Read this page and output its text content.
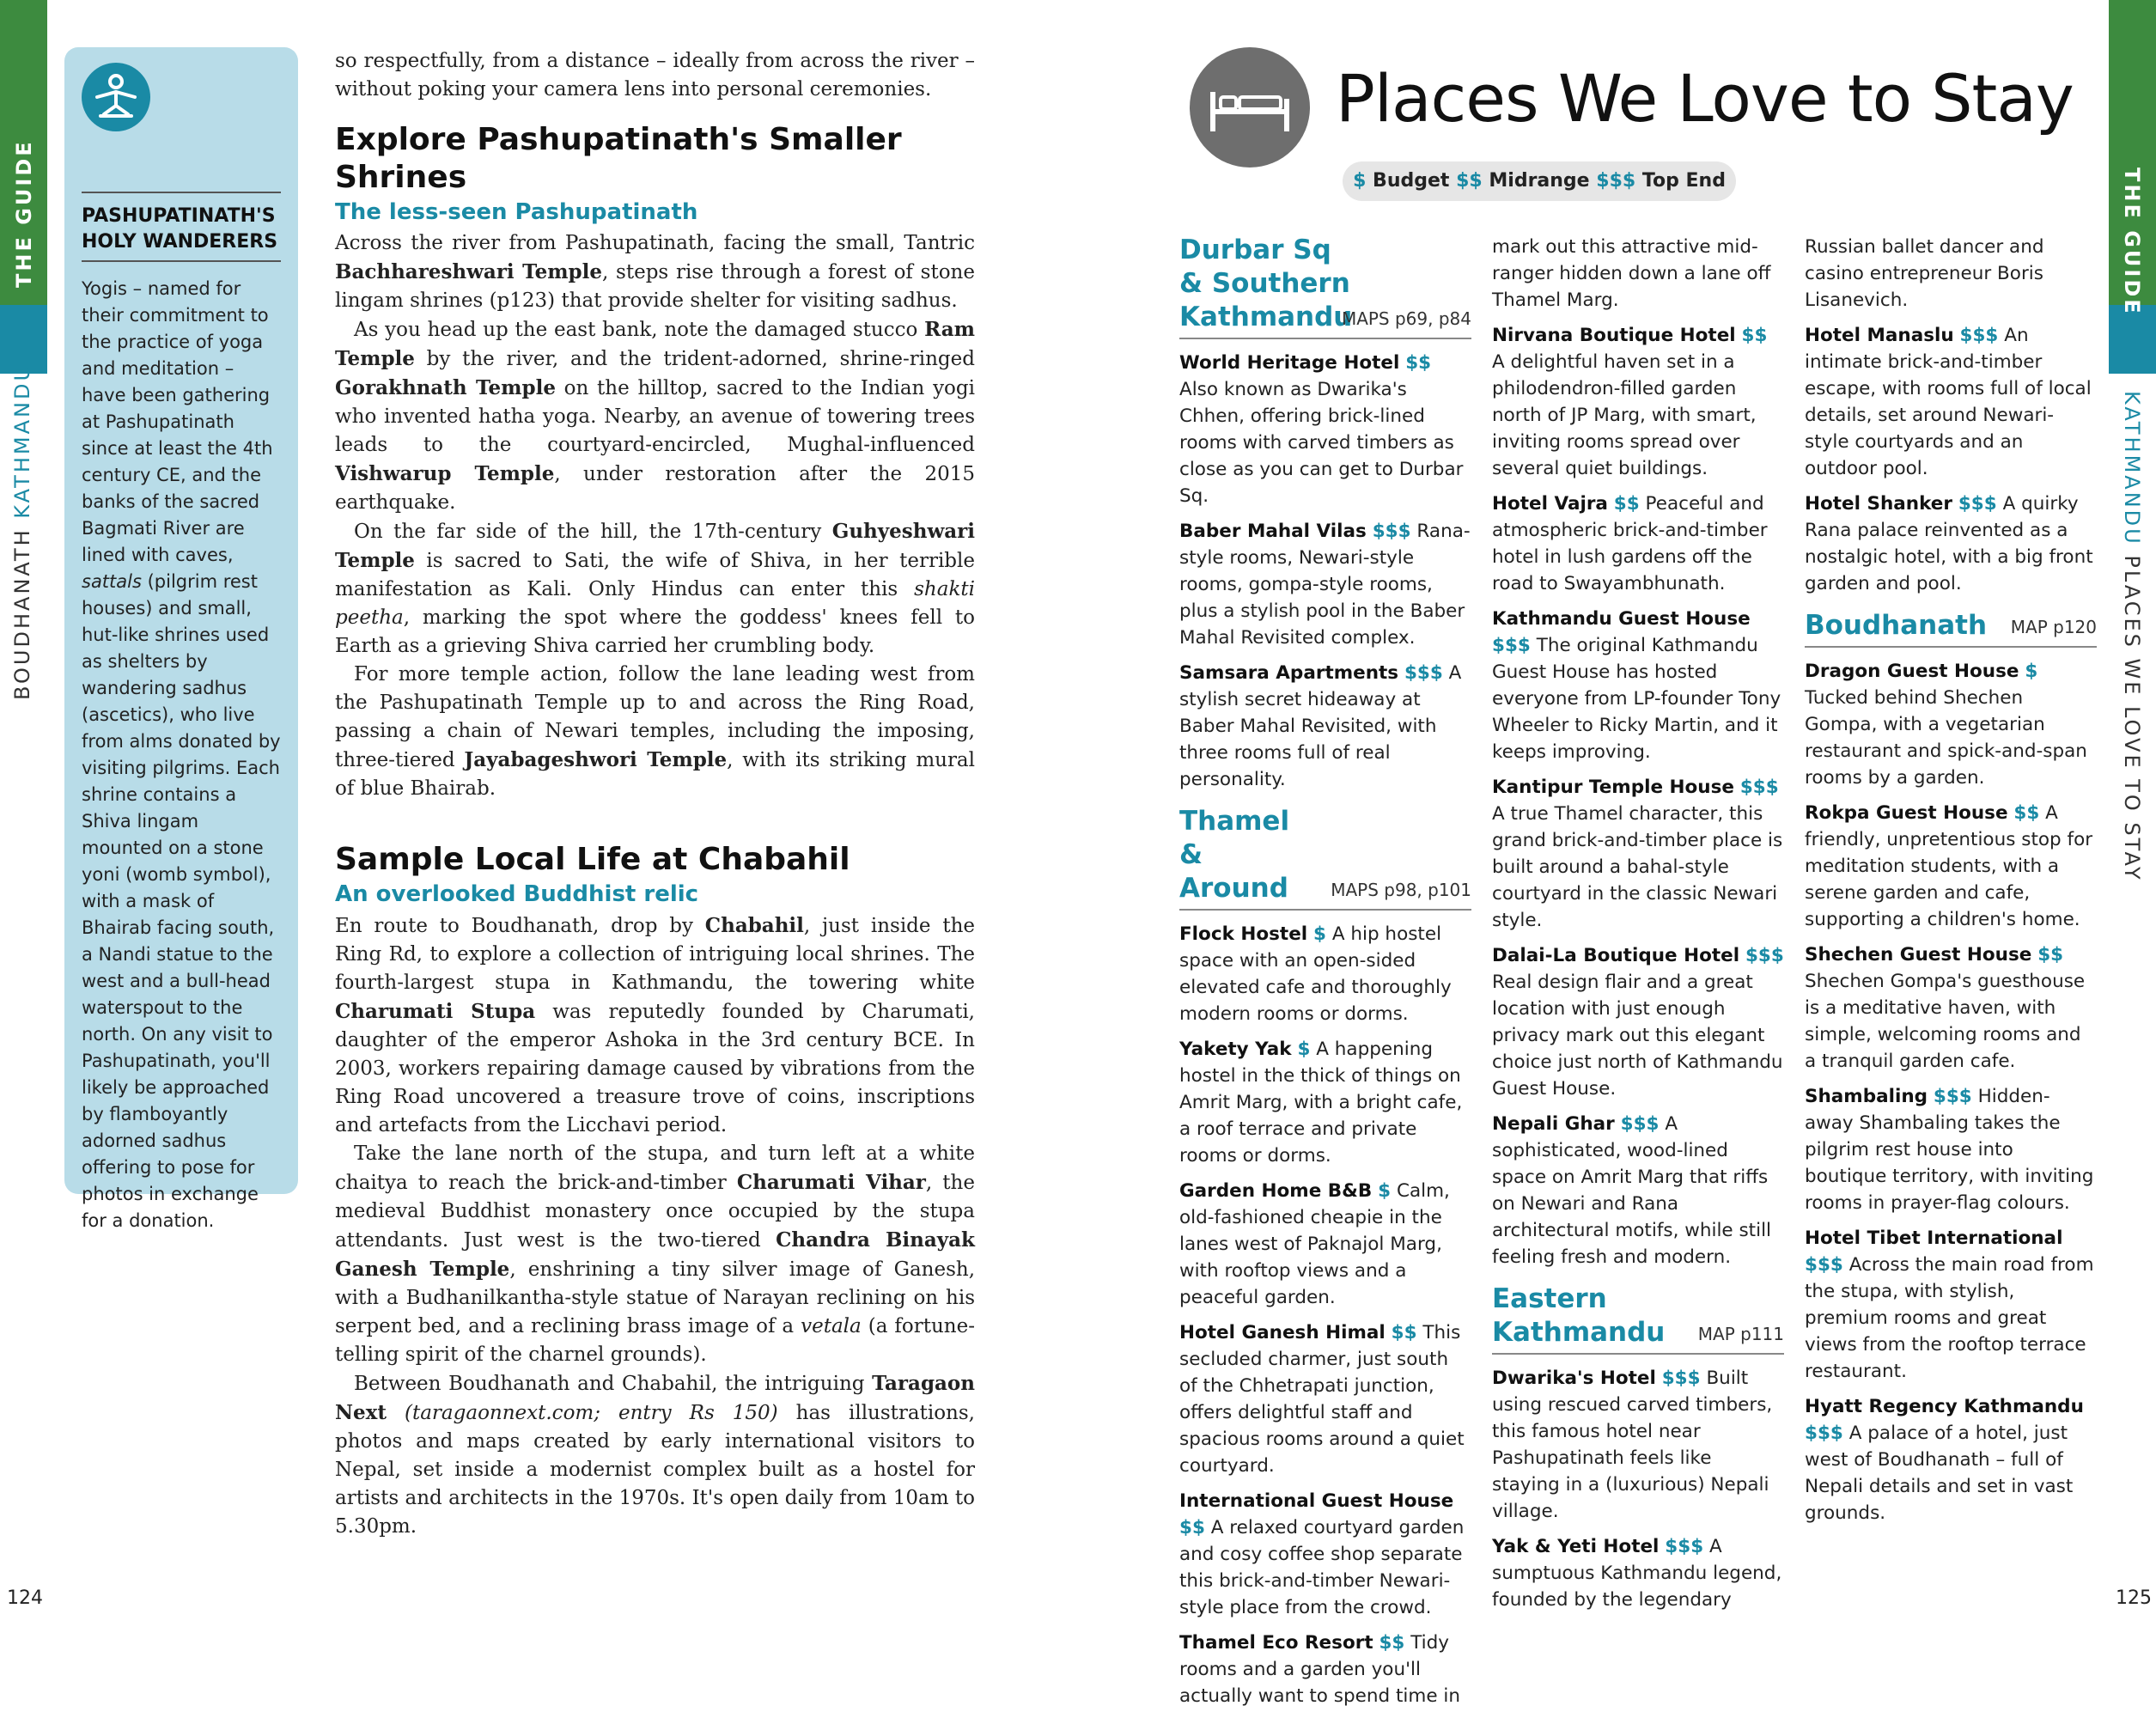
THE GUIDE
BOUDHANATH KATHMANDU
124
PASHUPATINATH'S HOLY WANDERERS
Yogis – named for their commitment to the practice of yoga and meditation – have been gathering at Pashupatinath since at least the 4th century CE, and the banks of the sacred Bagmati River are lined with caves, sattals (pilgrim rest houses) and small, hut-like shrines used as shelters by wandering sadhus (ascetics), who live from alms donated by visiting pilgrims. Each shrine contains a Shiva lingam mounted on a stone yoni (womb symbol), with a mask of Bhairab facing south, a Nandi statue to the west and a bull-head waterspout to the north. On any visit to Pashupatinath, you'll likely be approached by flamboyantly adorned sadhus offering to pose for photos in exchange for a donation.

so respectfully, from a distance – ideally from across the river – without poking your camera lens into personal ceremonies.

Explore Pashupatinath's Smaller Shrines
The less-seen Pashupatinath

Across the river from Pashupatinath, facing the small, Tantric Bachhareshwari Temple, steps rise through a forest of stone lingam shrines (p123) that provide shelter for visiting sadhus.

As you head up the east bank, note the damaged stucco Ram Temple by the river, and the trident-adorned, shrine-ringed Gorakhnath Temple on the hilltop, sacred to the Indian yogi who invented hatha yoga. Nearby, an avenue of towering trees leads to the courtyard-encircled, Mughal-influenced Vishwarup Temple, under restoration after the 2015 earthquake.

On the far side of the hill, the 17th-century Guhyeshwari Temple is sacred to Sati, the wife of Shiva, in her terrible manifestation as Kali. Only Hindus can enter this shakti peetha, marking the spot where the goddess' knees fell to Earth as a grieving Shiva carried her crumbling body.

For more temple action, follow the lane leading west from the Pashupatinath Temple up to and across the Ring Road, passing a chain of Newari temples, including the imposing, three-tiered Jayabageshwori Temple, with its striking mural of blue Bhairab.

Sample Local Life at Chabahil
An overlooked Buddhist relic

En route to Boudhanath, drop by Chabahil, just inside the Ring Rd, to explore a collection of intriguing local shrines. The fourth-largest stupa in Kathmandu, the towering white Charumati Stupa was reputedly founded by Charumati, daughter of the emperor Ashoka in the 3rd century BCE. In 2003, workers repairing damage caused by vibrations from the Ring Road uncovered a treasure trove of coins, inscriptions and artefacts from the Licchavi period.

Take the lane north of the stupa, and turn left at a white chaitya to reach the brick-and-timber Charumati Vihar, the medieval Buddhist monastery once occupied by the stupa attendants. Just west is the two-tiered Chandra Binayak Ganesh Temple, enshrining a tiny silver image of Ganesh, with a Budhanilkantha-style statue of Narayan reclining on his serpent bed, and a reclining brass image of a vetala (a fortune-telling spirit of the charnel grounds).

Between Boudhanath and Chabahil, the intriguing Taragaon Next (taragaonnext.com; entry Rs 150) has illustrations, photos and maps created by early international visitors to Nepal, set inside a modernist complex built as a hostel for artists and architects in the 1970s. It's open daily from 10am to 5.30pm.

Places We Love to Stay
$ Budget $$ Midrange $$$ Top End
Durbar Sq & Southern Kathmandu
MAPS p69, p84

World Heritage Hotel $$ Also known as Dwarika's Chhen, offering brick-lined rooms with carved timbers as close as you can get to Durbar Sq.

Baber Mahal Vilas $$$ Rana-style rooms, Newari-style rooms, gompa-style rooms, plus a stylish pool in the Baber Mahal Revisited complex.

Samsara Apartments $$$ A stylish secret hideaway at Baber Mahal Revisited, with three rooms full of real personality.

Thamel & Around	MAPS p98, p101

Flock Hostel $ A hip hostel space with an open-sided elevated cafe and thoroughly modern rooms or dorms.

Yakety Yak $ A happening hostel in the thick of things on Amrit Marg, with a bright cafe, a roof terrace and private rooms or dorms.

Garden Home B&B $ Calm, old-fashioned cheapie in the lanes west of Paknajol Marg, with rooftop views and a peaceful garden.

Hotel Ganesh Himal $$ This secluded charmer, just south of the Chhetrapati junction, offers delightful staff and spacious rooms around a quiet courtyard.

International Guest House $$ A relaxed courtyard garden and cosy coffee shop separate this brick-and-timber Newari-style place from the crowd.

Thamel Eco Resort $$ Tidy rooms and a garden you'll actually want to spend time in

mark out this attractive mid-ranger hidden down a lane off Thamel Marg.

Nirvana Boutique Hotel $$ A delightful haven set in a philodendron-filled garden north of JP Marg, with smart, inviting rooms spread over several quiet buildings.

Hotel Vajra $$ Peaceful and atmospheric brick-and-timber hotel in lush gardens off the road to Swayambhunath.

Kathmandu Guest House $$$ The original Kathmandu Guest House has hosted everyone from LP-founder Tony Wheeler to Ricky Martin, and it keeps improving.

Kantipur Temple House $$$ A true Thamel character, this grand brick-and-timber place is built around a bahal-style courtyard in the classic Newari style.

Dalai-La Boutique Hotel $$$ Real design flair and a great location with just enough privacy mark out this elegant choice just north of Kathmandu Guest House.

Nepali Ghar $$$ A sophisticated, wood-lined space on Amrit Marg that riffs on Newari and Rana architectural motifs, while still feeling fresh and modern.

Eastern Kathmandu MAP p111

Dwarika's Hotel $$$ Built using rescued carved timbers, this famous hotel near Pashupatinath feels like staying in a (luxurious) Nepali village.

Yak & Yeti Hotel $$$ A sumptuous Kathmandu legend, founded by the legendary

Russian ballet dancer and casino entrepreneur Boris Lisanevich.

Hotel Manaslu $$$ An intimate brick-and-timber escape, with rooms full of local details, set around Newari-style courtyards and an outdoor pool.

Hotel Shanker $$$ A quirky Rana palace reinvented as a nostalgic hotel, with a big front garden and pool.

Boudhanath	MAP p120

Dragon Guest House $ Tucked behind Shechen Gompa, with a vegetarian restaurant and spick-and-span rooms by a garden.

Rokpa Guest House $$ A friendly, unpretentious stop for meditation students, with a serene garden and cafe, supporting a children's home.

Shechen Guest House $$ Shechen Gompa's guesthouse is a meditative haven, with simple, welcoming rooms and a tranquil garden cafe.

Shambaling $$$ Hidden-away Shambaling takes the pilgrim rest house into boutique territory, with inviting rooms in prayer-flag colours.

Hotel Tibet International $$$ Across the main road from the stupa, with stylish, premium rooms and great views from the rooftop terrace restaurant.

Hyatt Regency Kathmandu $$$ A palace of a hotel, just west of Boudhanath – full of Nepali details and set in vast grounds.

THE GUIDE
KATHMANDU PLACES WE LOVE TO STAY
125
